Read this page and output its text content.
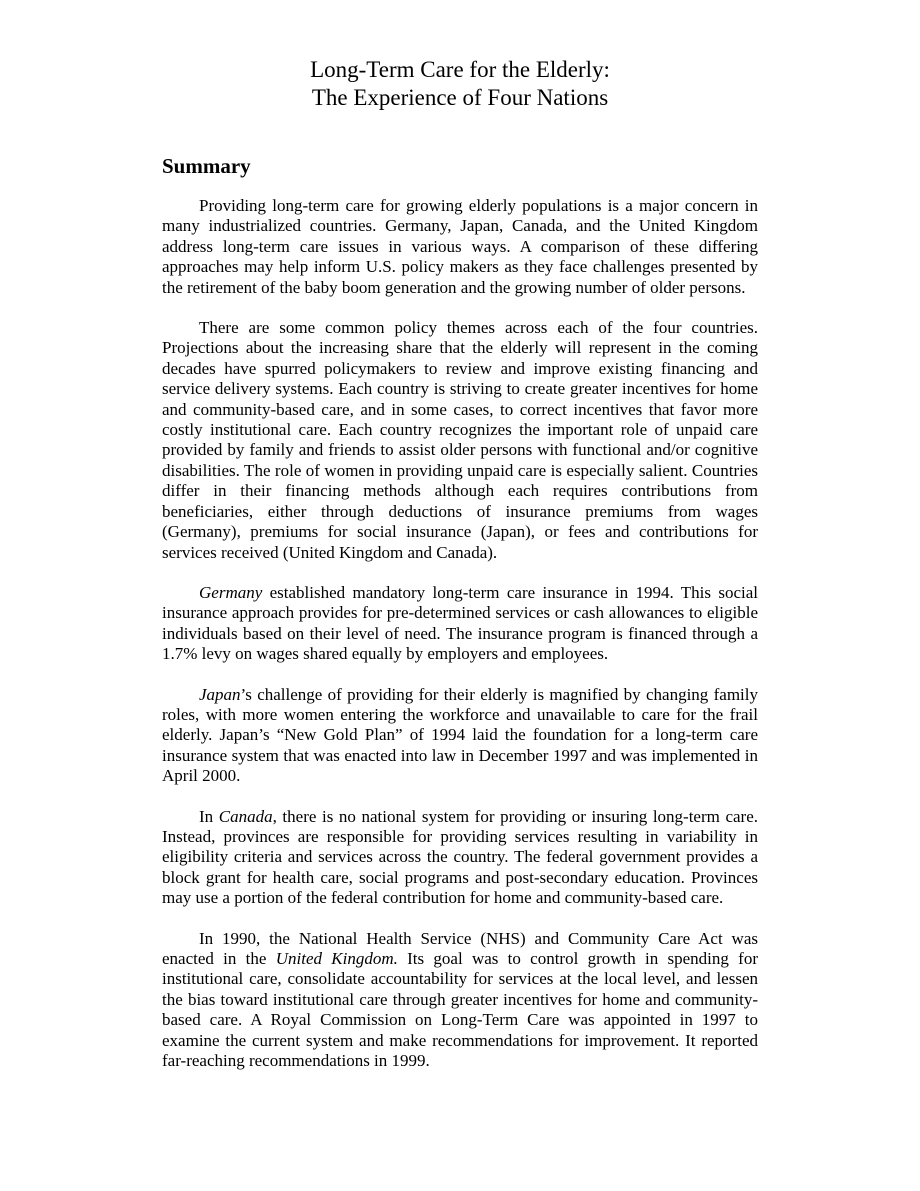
Long-Term Care for the Elderly:
The Experience of Four Nations
Summary

Providing long-term care for growing elderly populations is a major concern in many industrialized countries. Germany, Japan, Canada, and the United Kingdom address long-term care issues in various ways. A comparison of these differing approaches may help inform U.S. policy makers as they face challenges presented by the retirement of the baby boom generation and the growing number of older persons.

There are some common policy themes across each of the four countries. Projections about the increasing share that the elderly will represent in the coming decades have spurred policymakers to review and improve existing financing and service delivery systems. Each country is striving to create greater incentives for home and community-based care, and in some cases, to correct incentives that favor more costly institutional care. Each country recognizes the important role of unpaid care provided by family and friends to assist older persons with functional and/or cognitive disabilities. The role of women in providing unpaid care is especially salient. Countries differ in their financing methods although each requires contributions from beneficiaries, either through deductions of insurance premiums from wages (Germany), premiums for social insurance (Japan), or fees and contributions for services received (United Kingdom and Canada).

Germany established mandatory long-term care insurance in 1994. This social insurance approach provides for pre-determined services or cash allowances to eligible individuals based on their level of need. The insurance program is financed through a 1.7% levy on wages shared equally by employers and employees.

Japan’s challenge of providing for their elderly is magnified by changing family roles, with more women entering the workforce and unavailable to care for the frail elderly. Japan’s “New Gold Plan” of 1994 laid the foundation for a long-term care insurance system that was enacted into law in December 1997 and was implemented in April 2000.

In Canada, there is no national system for providing or insuring long-term care. Instead, provinces are responsible for providing services resulting in variability in eligibility criteria and services across the country. The federal government provides a block grant for health care, social programs and post-secondary education. Provinces may use a portion of the federal contribution for home and community-based care.

In 1990, the National Health Service (NHS) and Community Care Act was enacted in the United Kingdom. Its goal was to control growth in spending for institutional care, consolidate accountability for services at the local level, and lessen the bias toward institutional care through greater incentives for home and community-based care. A Royal Commission on Long-Term Care was appointed in 1997 to examine the current system and make recommendations for improvement. It reported far-reaching recommendations in 1999.
